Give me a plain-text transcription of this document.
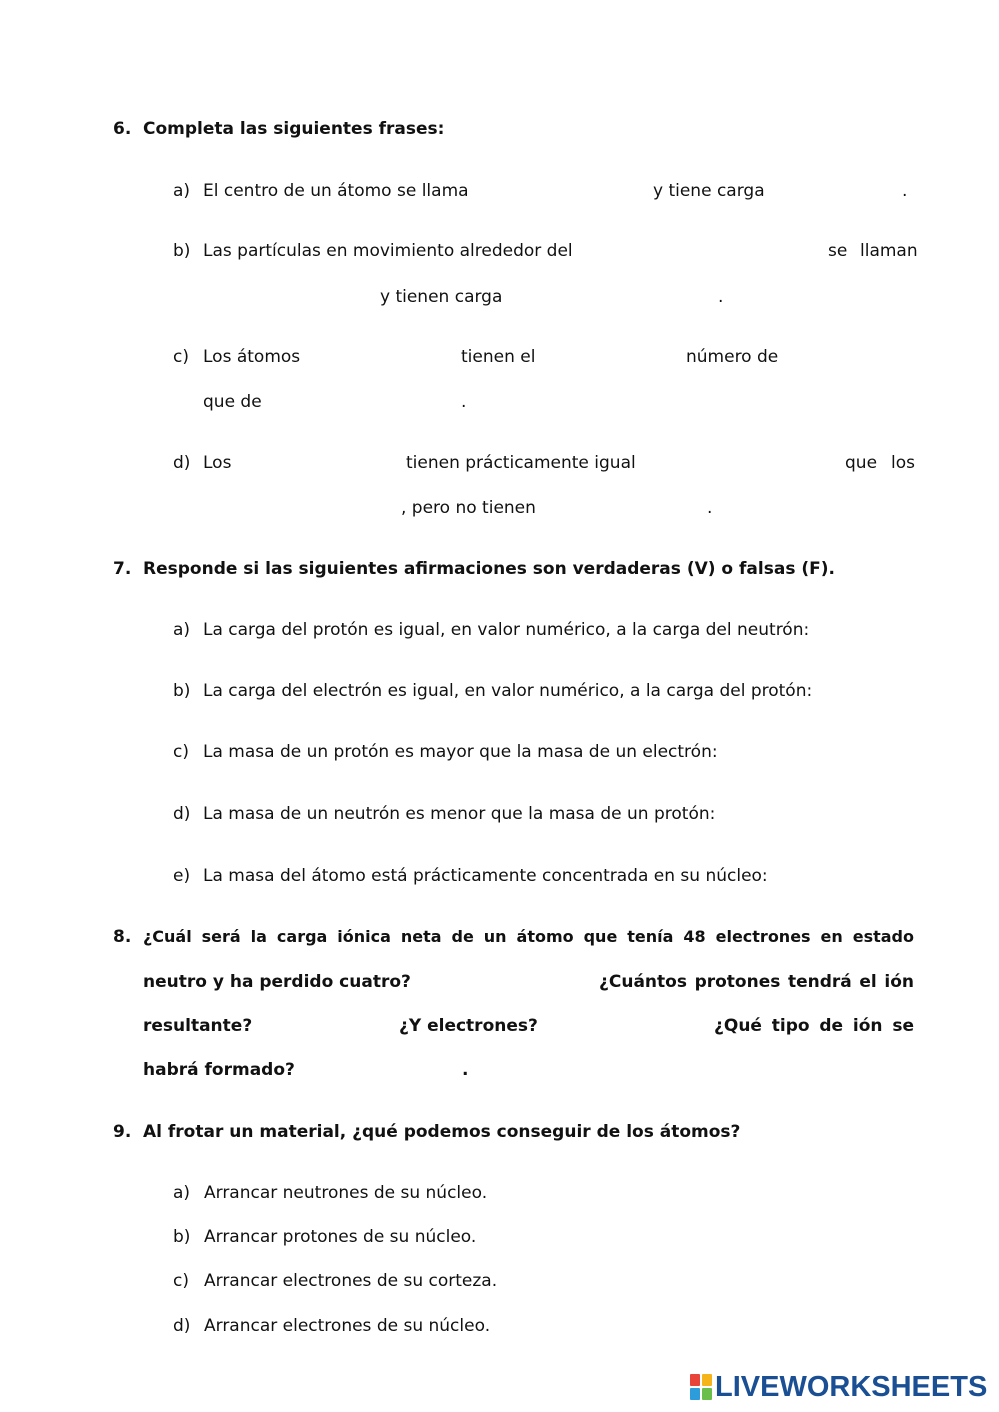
6. Completa las siguientes frases:
a) El centro de un átomo se llama	y tiene carga	.
b) Las partículas en movimiento alrededor del	se llaman
y tienen carga	.
c) Los átomos	tienen el	número de
que de	.
d) Los	tienen prácticamente igual	que los
, pero no tienen	.
7. Responde si las siguientes afirmaciones son verdaderas (V) o falsas (F).
a) La carga del protón es igual, en valor numérico, a la carga del neutrón:
b) La carga del electrón es igual, en valor numérico, a la carga del protón:
c) La masa de un protón es mayor que la masa de un electrón:
d) La masa de un neutrón es menor que la masa de un protón:
e) La masa del átomo está prácticamente concentrada en su núcleo:
8. ¿Cuál será la carga iónica neta de un átomo que tenía 48 electrones en estado
neutro y ha perdido cuatro?	¿Cuántos protones tendrá el ión
resultante?	¿Y electrones?	¿Qué tipo de ión se
habrá formado?	.
9. Al frotar un material, ¿qué podemos conseguir de los átomos?
a) Arrancar neutrones de su núcleo.
b) Arrancar protones de su núcleo.
c) Arrancar electrones de su corteza.
d) Arrancar electrones de su núcleo.
LIVEWORKSHEETS
